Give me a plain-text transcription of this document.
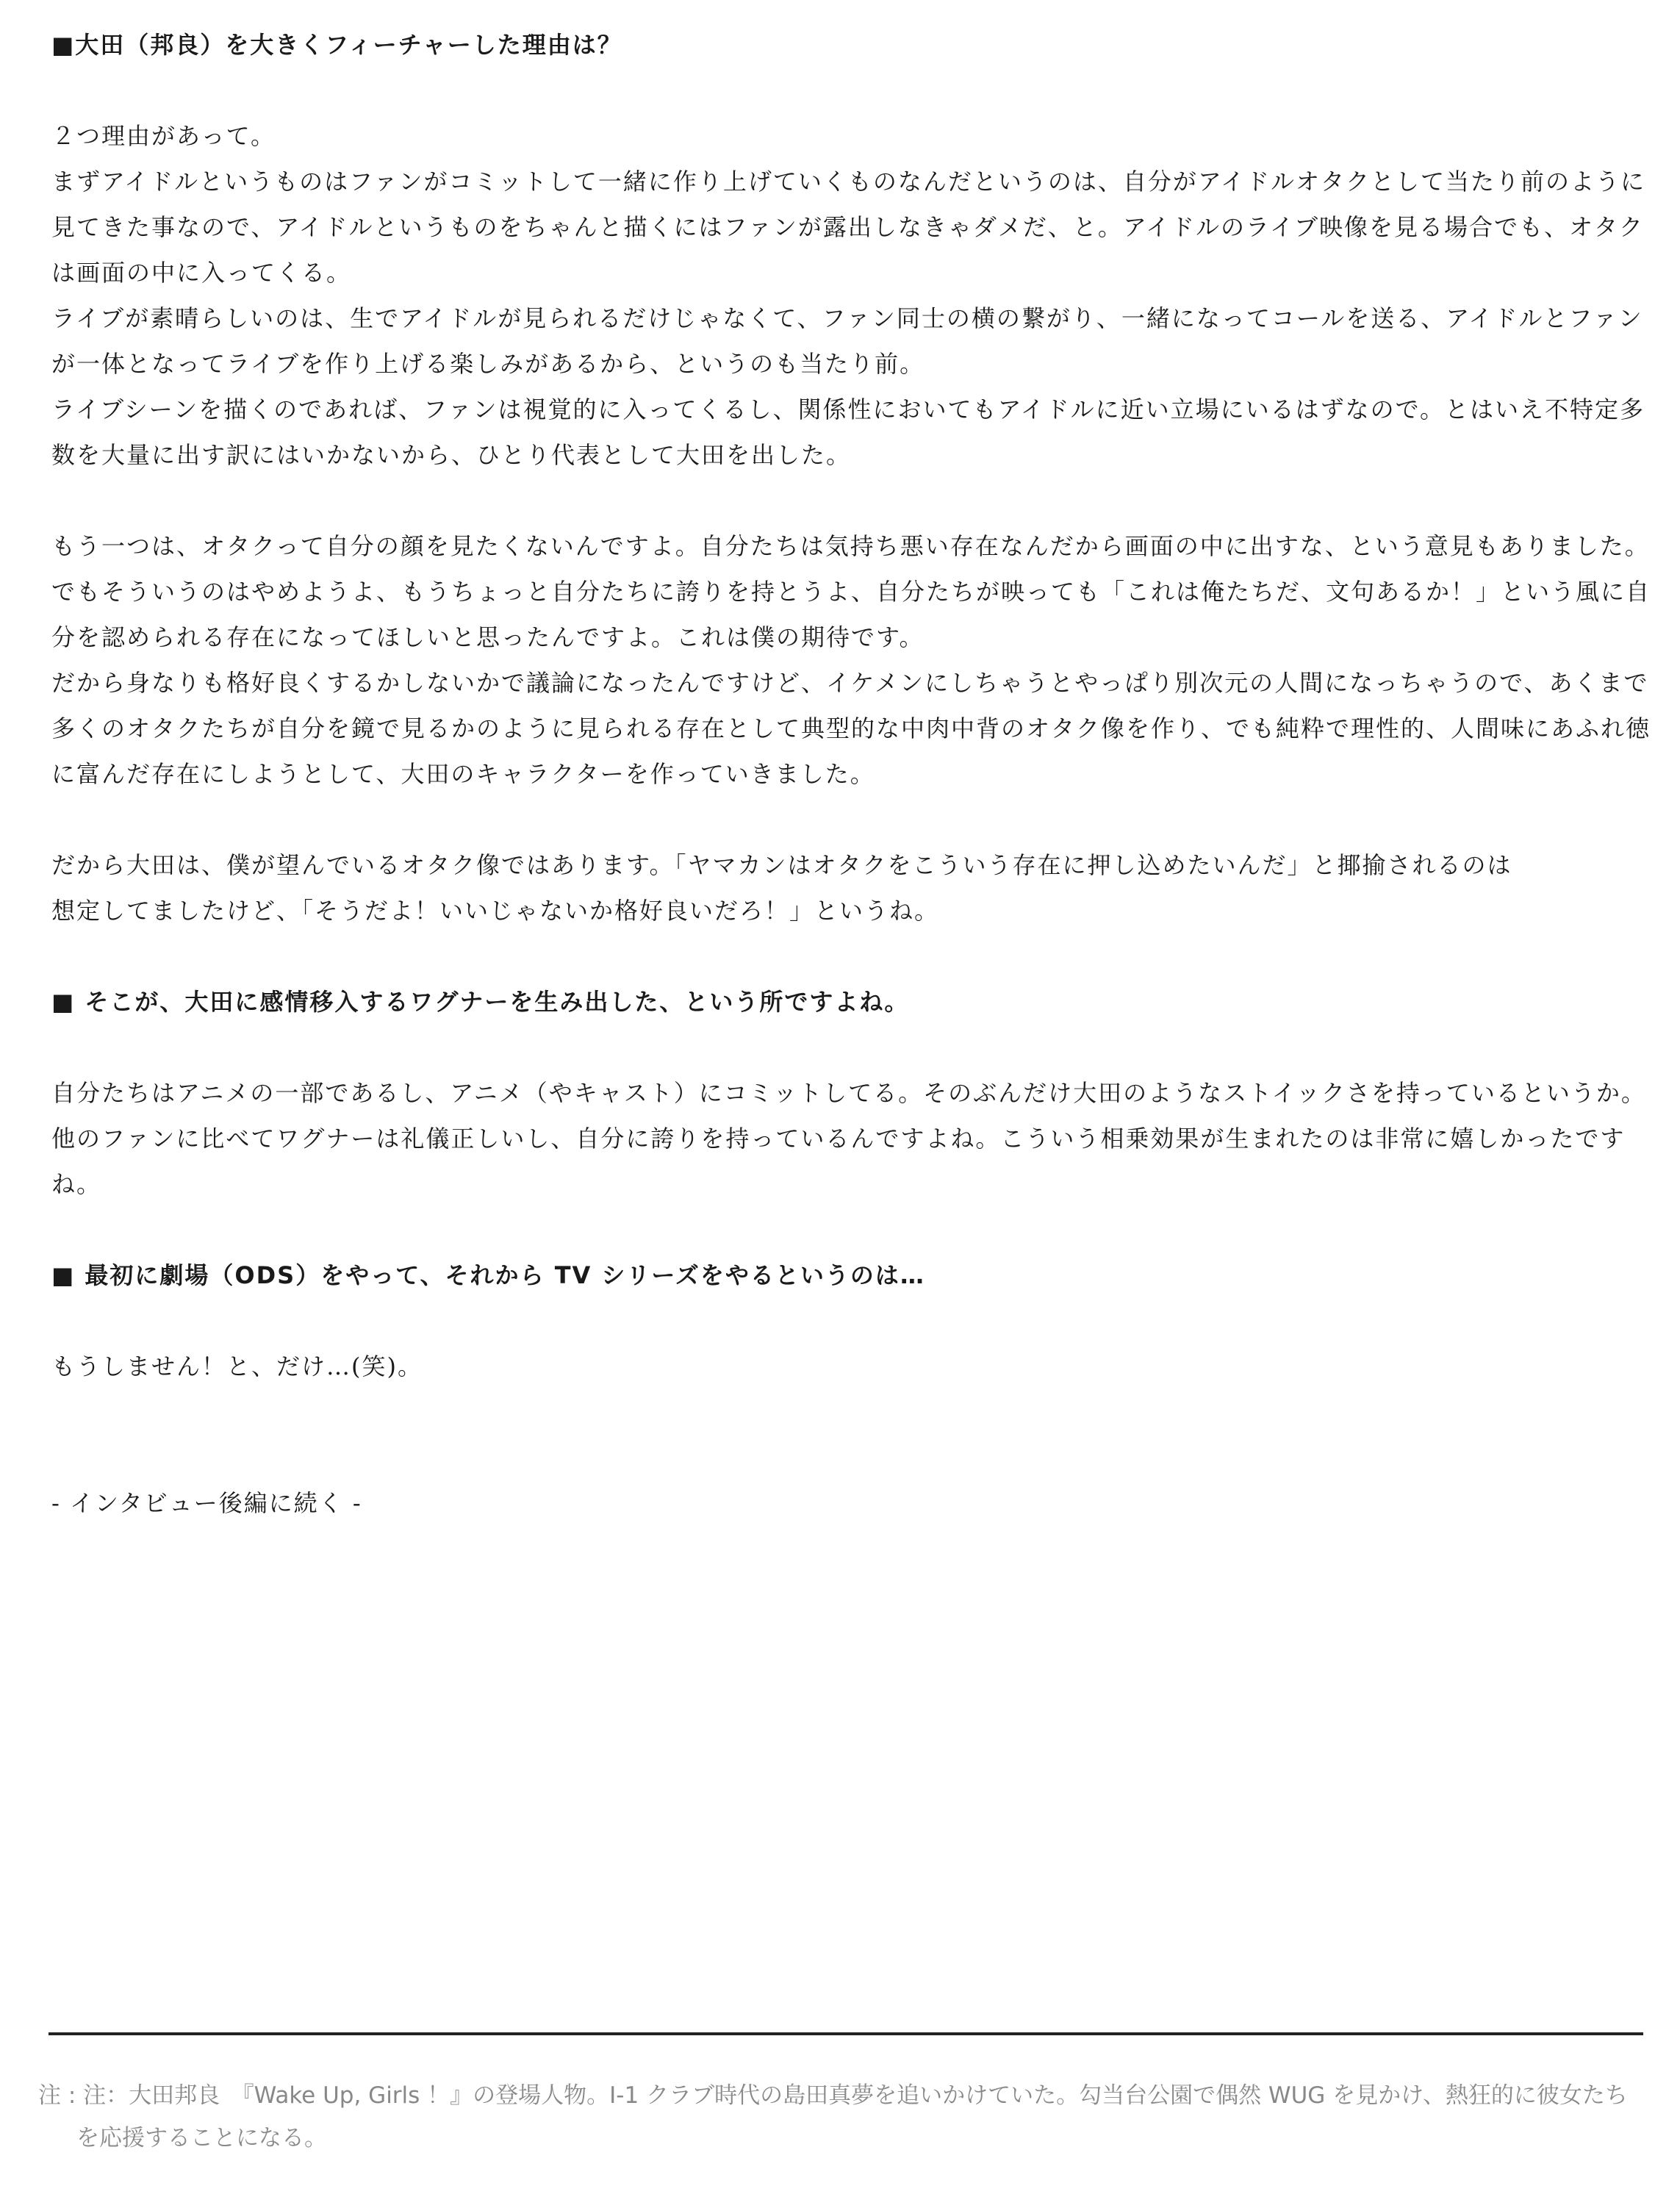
■大田（邦良）を大きくフィーチャーした理由は？

２つ理由があって。

まずアイドルというものはファンがコミットして一緒に作り上げていくものなんだというのは、自分がアイドルオタクとして当たり前のように見てきた事なので、アイドルというものをちゃんと描くにはファンが露出しなきゃダメだ、と。アイドルのライブ映像を見る場合でも、オタクは画面の中に入ってくる。

ライブが素晴らしいのは、生でアイドルが見られるだけじゃなくて、ファン同士の横の繋がり、一緒になってコールを送る、アイドルとファンが一体となってライブを作り上げる楽しみがあるから、というのも当たり前。

ライブシーンを描くのであれば、ファンは視覚的に入ってくるし、関係性においてもアイドルに近い立場にいるはずなので。とはいえ不特定多数を大量に出す訳にはいかないから、ひとり代表として大田を出した。

もう一つは、オタクって自分の顔を見たくないんですよ。自分たちは気持ち悪い存在なんだから画面の中に出すな、という意見もありました。でもそういうのはやめようよ、もうちょっと自分たちに誇りを持とうよ、自分たちが映っても「これは俺たちだ、文句あるか！」という風に自分を認められる存在になってほしいと思ったんですよ。これは僕の期待です。

だから身なりも格好良くするかしないかで議論になったんですけど、イケメンにしちゃうとやっぱり別次元の人間になっちゃうので、あくまで多くのオタクたちが自分を鏡で見るかのように見られる存在として典型的な中肉中背のオタク像を作り、でも純粋で理性的、人間味にあふれ徳に富んだ存在にしようとして、大田のキャラクターを作っていきました。

だから大田は、僕が望んでいるオタク像ではあります。「ヤマカンはオタクをこういう存在に押し込めたいんだ」と揶揄されるのは

想定してましたけど、「そうだよ！いいじゃないか格好良いだろ！」というね。

■ そこが、大田に感情移入するワグナーを生み出した、という所ですよね。

自分たちはアニメの一部であるし、アニメ（やキャスト）にコミットしてる。そのぶんだけ大田のようなストイックさを持っているというか。他のファンに比べてワグナーは礼儀正しいし、自分に誇りを持っているんですよね。こういう相乗効果が生まれたのは非常に嬉しかったですね。

■ 最初に劇場（ODS）をやって、それから TV シリーズをやるというのは…

もうしません！と、だけ…(笑)。

- インタビュー後編に続く -

注 : 注：大田邦良　『Wake Up, Girls ！』の登場人物。I-1 クラブ時代の島田真夢を追いかけていた。勾当台公園で偶然 WUG を見かけ、熱狂的に彼女たちを応援することになる。
